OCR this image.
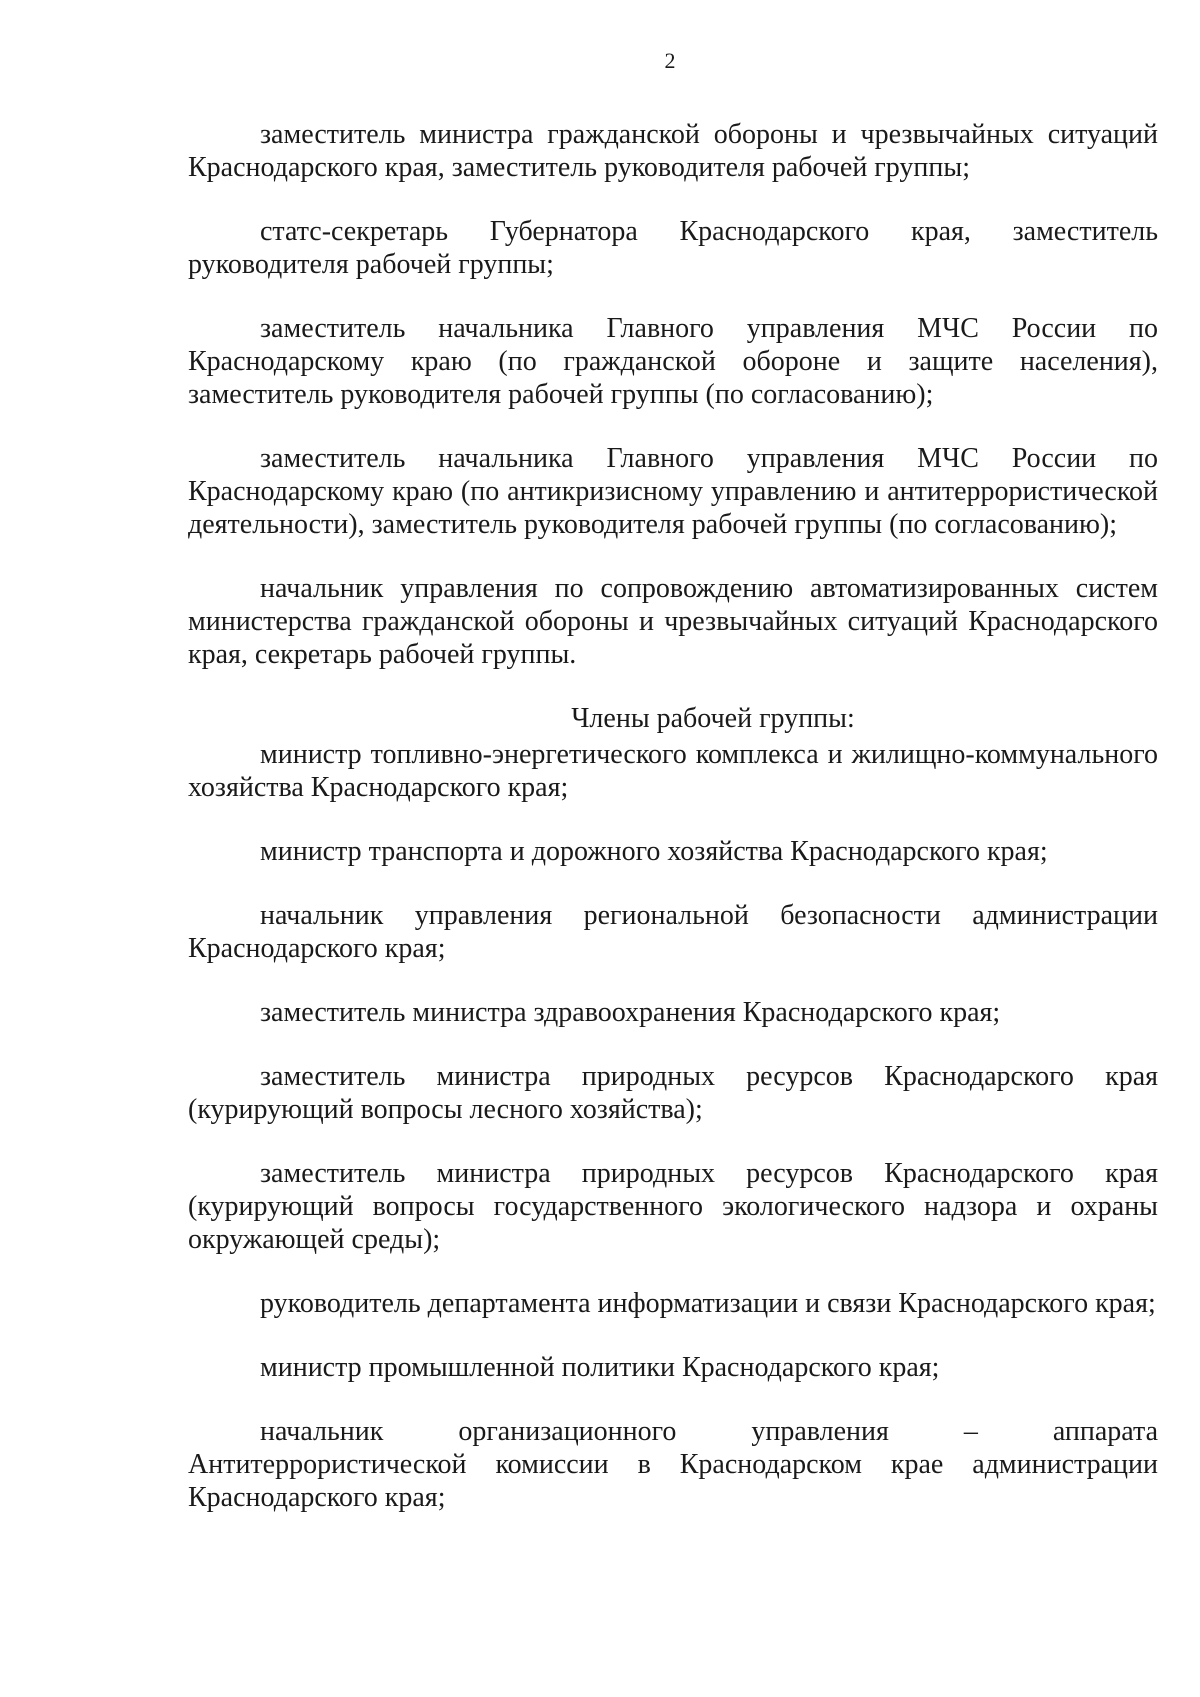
2

заместитель министра гражданской обороны и чрезвычайных ситуаций Краснодарского края, заместитель руководителя рабочей группы;

статс-секретарь Губернатора Краснодарского края, заместитель руководителя рабочей группы;

заместитель начальника Главного управления МЧС России по Краснодарскому краю (по гражданской обороне и защите населения), заместитель руководителя рабочей группы (по согласованию);

заместитель начальника Главного управления МЧС России по Краснодарскому краю (по антикризисному управлению и антитеррористической деятельности), заместитель руководителя рабочей группы (по согласованию);

начальник управления по сопровождению автоматизированных систем министерства гражданской обороны и чрезвычайных ситуаций Краснодарского края, секретарь рабочей группы.

Члены рабочей группы:

министр топливно-энергетического комплекса и жилищно-коммунального хозяйства Краснодарского края;

министр транспорта и дорожного хозяйства Краснодарского края;

начальник управления региональной безопасности администрации Краснодарского края;

заместитель министра здравоохранения Краснодарского края;

заместитель министра природных ресурсов Краснодарского края (курирующий вопросы лесного хозяйства);

заместитель министра природных ресурсов Краснодарского края (курирующий вопросы государственного экологического надзора и охраны окружающей среды);

руководитель департамента информатизации и связи Краснодарского края;

министр промышленной политики Краснодарского края;

начальник организационного управления – аппарата Антитеррористической комиссии в Краснодарском крае администрации Краснодарского края;
